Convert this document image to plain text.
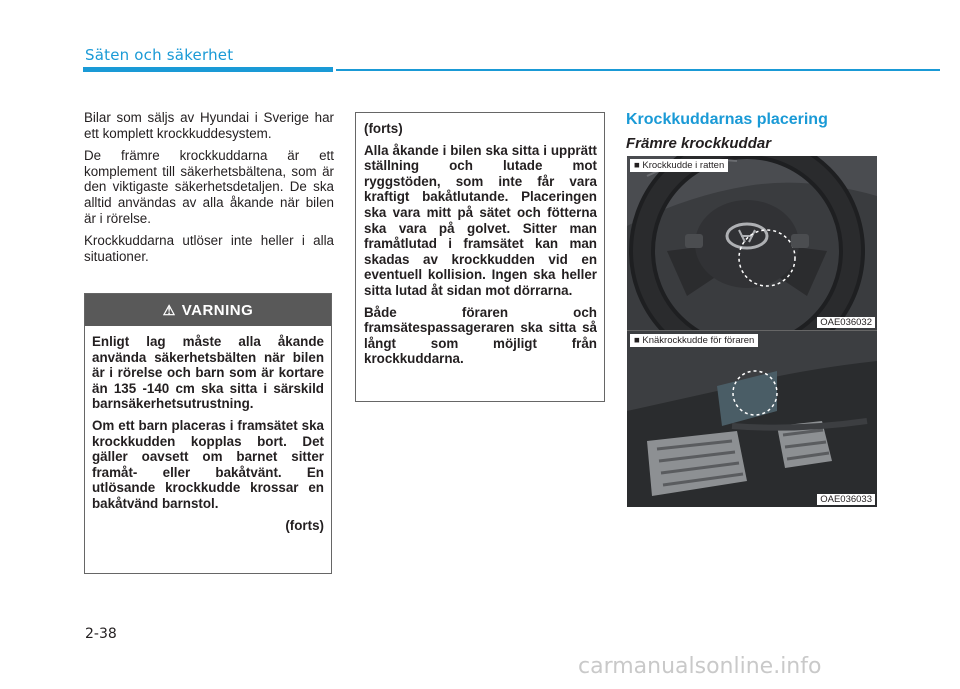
Säten och säkerhet

Bilar som säljs av Hyundai i Sverige har ett komplett krockkuddesystem.

De främre krockkuddarna är ett komplement till säkerhetsbältena, som är den viktigaste säkerhetsdetaljen. De ska alltid användas av alla åkande när bilen är i rörelse.

Krockkuddarna utlöser inte heller i alla situationer.

⚠ VARNING

Enligt lag måste alla åkande använda säkerhetsbälten när bilen är i rörelse och barn som är kortare än 135 -140 cm ska sitta i särskild barnsäkerhetsutrustning.

Om ett barn placeras i framsätet ska krockkudden kopplas bort. Det gäller oavsett om barnet sitter framåt- eller bakåtvänt. En utlösande krockkudde krossar en bakåtvänd barnstol.

(forts)

(forts)

Alla åkande i bilen ska sitta i upprätt ställning och lutade mot ryggstöden, som inte får vara kraftigt bakåtlutande. Placeringen ska vara mitt på sätet och fötterna ska vara på golvet. Sitter man framåtlutad i framsätet kan man skadas av krockkudden vid en eventuell kollision. Ingen ska heller sitta lutad åt sidan mot dörrarna.

Både föraren och framsätespassageraren ska sitta så långt som möjligt från krockkuddarna.

Krockkuddarnas placering
Främre krockkuddar
■ Krockkudde i ratten
OAE036032
■ Knäkrockkudde för föraren
OAE036033
2-38
carmanualsonline.info
